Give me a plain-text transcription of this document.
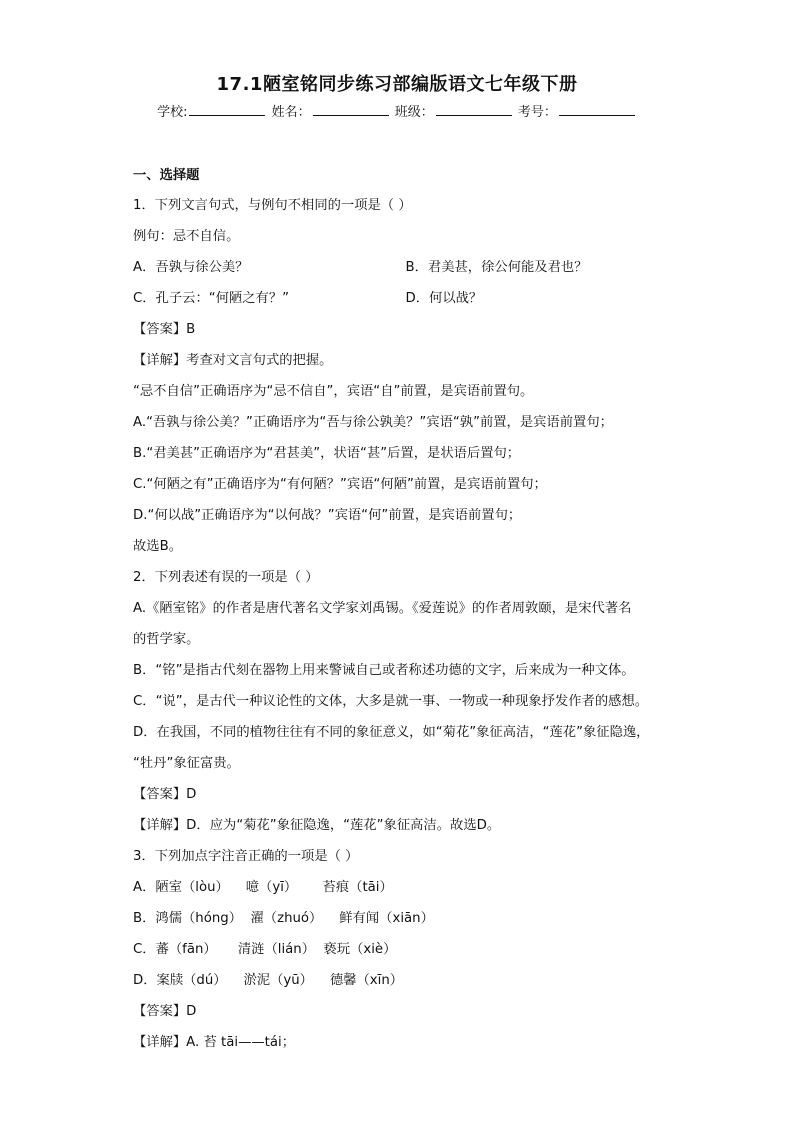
17.1陋室铭同步练习部编版语文七年级下册
学校:	姓名：	班级：	考号：
一、选择题
1．下列文言句式，与例句不相同的一项是（ ）
例句：忌不自信。
A．吾孰与徐公美？	B．君美甚，徐公何能及君也？
C．孔子云：“何陋之有？”	D．何以战？
【答案】B
【详解】考查对文言句式的把握。
“忌不自信”正确语序为“忌不信自”，宾语“自”前置，是宾语前置句。
A.“吾孰与徐公美？”正确语序为“吾与徐公孰美？”宾语“孰”前置，是宾语前置句；
B.“君美甚”正确语序为“君甚美”，状语“甚”后置，是状语后置句；
C.“何陋之有”正确语序为“有何陋？”宾语“何陋”前置，是宾语前置句；
D.“何以战”正确语序为“以何战？”宾语“何”前置，是宾语前置句；
故选B。
2．下列表述有误的一项是（ ）
A.《陋室铭》的作者是唐代著名文学家刘禹锡。《爱莲说》的作者周敦颐，是宋代著名
的哲学家。
B．“铭”是指古代刻在器物上用来警诫自己或者称述功德的文字，后来成为一种文体。
C．“说”，是古代一种议论性的文体，大多是就一事、一物或一种现象抒发作者的感想。
D．在我国，不同的植物往往有不同的象征意义，如“菊花”象征高洁，“莲花”象征隐逸，
“牡丹”象征富贵。
【答案】D
【详解】D．应为“菊花”象征隐逸，“莲花”象征高洁。故选D。
3．下列加点字注音正确的一项是（ ）
A．陋室（lòu）    噫（yī）      苔痕（tāi）
B．鸿儒（hóng）  濯（zhuó）    鲜有闻（xiān）
C．蕃（fān）     清涟（lián）  亵玩（xiè）
D．案牍（dú）    淤泥（yū）    德馨（xīn）
【答案】D
【详解】A. 苔 tāi——tái；
